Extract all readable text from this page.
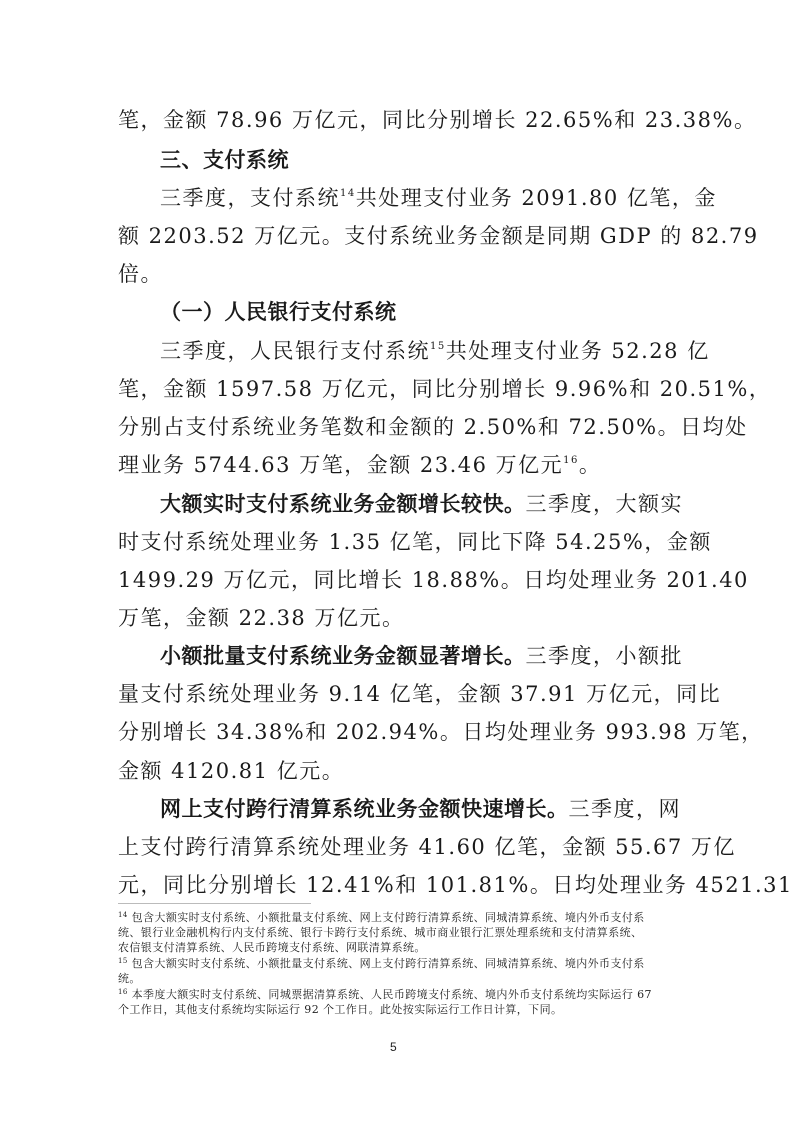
笔，金额 78.96 万亿元，同比分别增长 22.65%和 23.38%。
三、支付系统
三季度，支付系统$^{14}$共处理支付业务 2091.80 亿笔，金
额 2203.52 万亿元。支付系统业务金额是同期 GDP 的 82.79
倍。
（一）人民银行支付系统
三季度，人民银行支付系统$^{15}$共处理支付业务 52.28 亿
笔，金额 1597.58 万亿元，同比分别增长 9.96%和 20.51%，
分别占支付系统业务笔数和金额的 2.50%和 72.50%。日均处
理业务 5744.63 万笔，金额 23.46 万亿元$^{16}$。
大额实时支付系统业务金额增长较快。三季度，大额实
时支付系统处理业务 1.35 亿笔，同比下降 54.25%，金额
1499.29 万亿元，同比增长 18.88%。日均处理业务 201.40
万笔，金额 22.38 万亿元。
小额批量支付系统业务金额显著增长。三季度，小额批
量支付系统处理业务 9.14 亿笔，金额 37.91 万亿元，同比
分别增长 34.38%和 202.94%。日均处理业务 993.98 万笔，
金额 4120.81 亿元。
网上支付跨行清算系统业务金额快速增长。三季度，网
上支付跨行清算系统处理业务 41.60 亿笔，金额 55.67 万亿
元，同比分别增长 12.41%和 101.81%。日均处理业务 4521.31
$^{14}$ 包含大额实时支付系统、小额批量支付系统、网上支付跨行清算系统、同城清算系统、境内外币支付系
统、银行业金融机构行内支付系统、银行卡跨行支付系统、城市商业银行汇票处理系统和支付清算系统、
农信银支付清算系统、人民币跨境支付系统、网联清算系统。
$^{15}$ 包含大额实时支付系统、小额批量支付系统、网上支付跨行清算系统、同城清算系统、境内外币支付系
统。
$^{16}$ 本季度大额实时支付系统、同城票据清算系统、人民币跨境支付系统、境内外币支付系统均实际运行 67
个工作日，其他支付系统均实际运行 92 个工作日。此处按实际运行工作日计算，下同。
5
